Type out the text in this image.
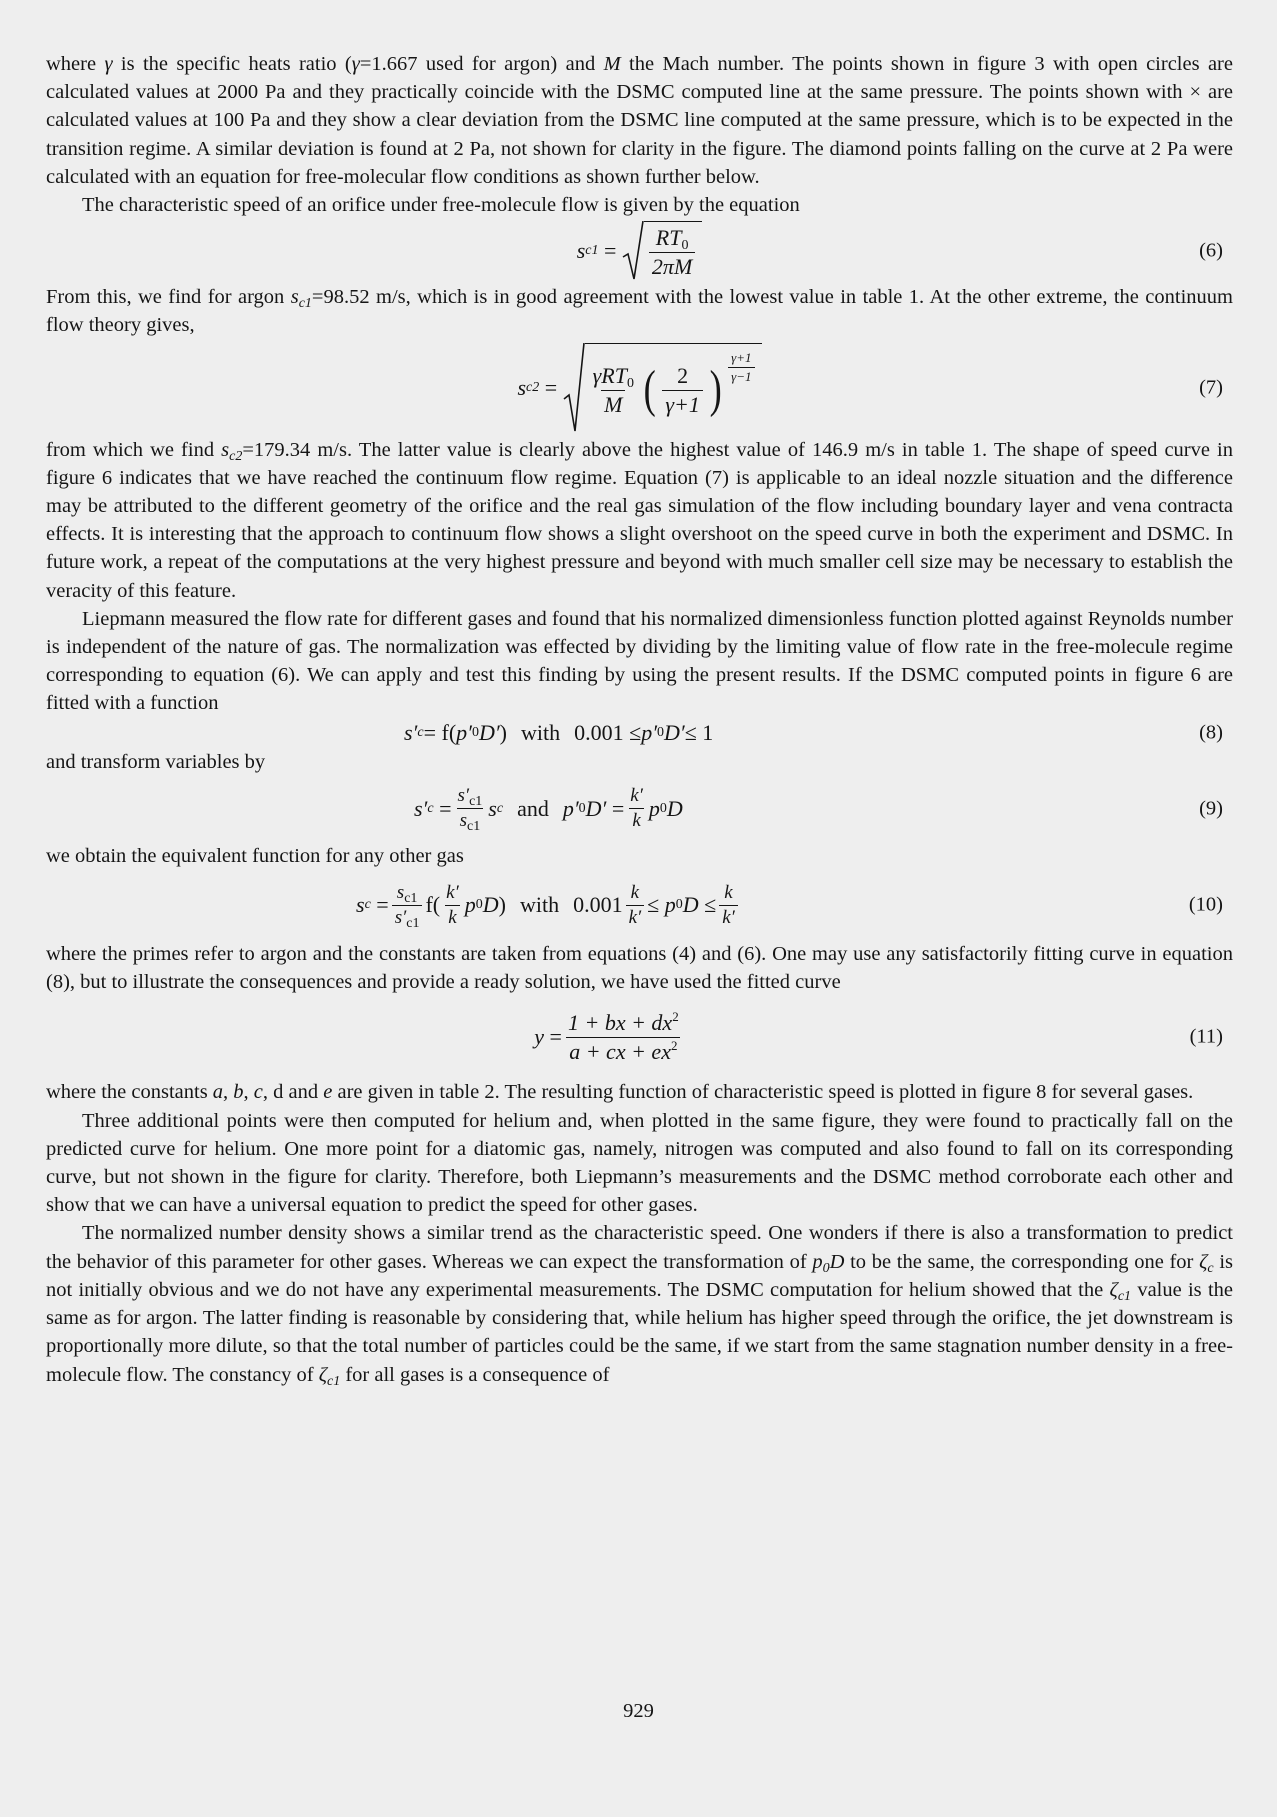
where γ is the specific heats ratio (γ=1.667 used for argon) and M the Mach number. The points shown in figure 3 with open circles are calculated values at 2000 Pa and they practically coincide with the DSMC computed line at the same pressure. The points shown with × are calculated values at 100 Pa and they show a clear deviation from the DSMC line computed at the same pressure, which is to be expected in the transition regime. A similar deviation is found at 2 Pa, not shown for clarity in the figure. The diamond points falling on the curve at 2 Pa were calculated with an equation for free-molecular flow conditions as shown further below.

The characteristic speed of an orifice under free-molecule flow is given by the equation

s $c1 = \frac{RT_0}{2\pi M}$	(6)

From this, we find for argon $s_{c1}=98.52$ m/s, which is in good agreement with the lowest value in table 1. At the other extreme, the continuum flow theory gives,

s $c2 = \frac{\gamma RT_0}{M}$ ( $\frac{2}{\gamma+1}$ ) $\frac{\gamma+1}{\gamma-1}$
(7)

from which we find $s_{c2}=179.34$ m/s. The latter value is clearly above the highest value of 146.9 m/s in table 1. The shape of speed curve in figure 6 indicates that we have reached the continuum flow regime. Equation (7) is applicable to an ideal nozzle situation and the difference may be attributed to the different geometry of the orifice and the real gas simulation of the flow including boundary layer and vena contracta effects. It is interesting that the approach to continuum flow shows a slight overshoot on the speed curve in both the experiment and DSMC. In future work, a repeat of the computations at the very highest pressure and beyond with much smaller cell size may be necessary to establish the veracity of this feature.

Liepmann measured the flow rate for different gases and found that his normalized dimensionless function plotted against Reynolds number is independent of the nature of gas. The normalization was effected by dividing by the limiting value of flow rate in the free-molecule regime corresponding to equation (6). We can apply and test this finding by using the present results. If the DSMC computed points in figure 6 are fitted with a function

s′ c = f( p′ 0 D′ ) with 0.001 ≤ p′ 0 D′ ≤ 1	(8)

and transform variables by

s′ $c = \frac{s'_{c1}}{s_{c1}}$ s c and p′ 0 $D' = \frac{k'}{k}$ p 0 D	(9)

we obtain the equivalent function for any other gas

s $c = \frac{s_{c1}}{s'_{c1}} f( \frac{k'}{k}$ p 0 D ) with $0.001 \frac{k}{k'} \le p$ 0 $D \le \frac{k}{k'}$	(10)

where the primes refer to argon and the constants are taken from equations (4) and (6). One may use any satisfactorily fitting curve in equation (8), but to illustrate the consequences and provide a ready solution, we have used the fitted curve

$y = \frac{1 + bx + dx^2}{a + cx + ex^2}$	(11)

where the constants a, b, c, d and e are given in table 2. The resulting function of characteristic speed is plotted in figure 8 for several gases.

Three additional points were then computed for helium and, when plotted in the same figure, they were found to practically fall on the predicted curve for helium. One more point for a diatomic gas, namely, nitrogen was computed and also found to fall on its corresponding curve, but not shown in the figure for clarity. Therefore, both Liepmann’s measurements and the DSMC method corroborate each other and show that we can have a universal equation to predict the speed for other gases.

The normalized number density shows a similar trend as the characteristic speed. One wonders if there is also a transformation to predict the behavior of this parameter for other gases. Whereas we can expect the transformation of $p_0D$ to be the same, the corresponding one for $\zeta_c$ is not initially obvious and we do not have any experimental measurements. The DSMC computation for helium showed that the $\zeta_{c1}$ value is the same as for argon. The latter finding is reasonable by considering that, while helium has higher speed through the orifice, the jet downstream is proportionally more dilute, so that the total number of particles could be the same, if we start from the same stagnation number density in a free-molecule flow. The constancy of $\zeta_{c1}$ for all gases is a consequence of

929
